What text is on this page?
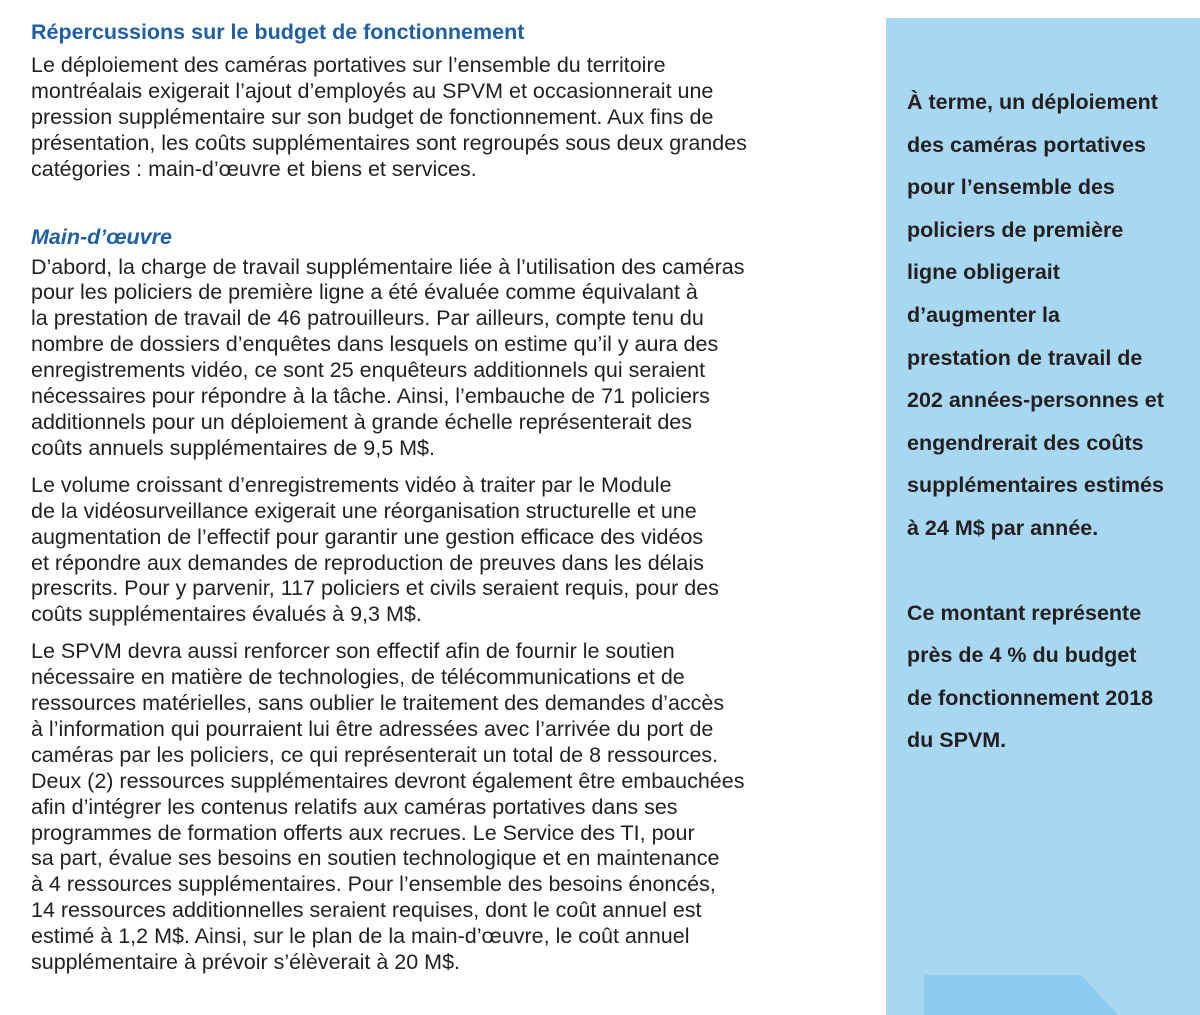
Répercussions sur le budget de fonctionnement

Le déploiement des caméras portatives sur l’ensemble du territoire
montréalais exigerait l’ajout d’employés au SPVM et occasionnerait une
pression supplémentaire sur son budget de fonctionnement. Aux fins de
présentation, les coûts supplémentaires sont regroupés sous deux grandes
catégories : main-d’œuvre et biens et services.

Main-d’œuvre

D’abord, la charge de travail supplémentaire liée à l’utilisation des caméras
pour les policiers de première ligne a été évaluée comme équivalant à
la prestation de travail de 46 patrouilleurs. Par ailleurs, compte tenu du
nombre de dossiers d’enquêtes dans lesquels on estime qu’il y aura des
enregistrements vidéo, ce sont 25 enquêteurs additionnels qui seraient
nécessaires pour répondre à la tâche. Ainsi, l’embauche de 71 policiers
additionnels pour un déploiement à grande échelle représenterait des
coûts annuels supplémentaires de 9,5 M$.

Le volume croissant d’enregistrements vidéo à traiter par le Module
de la vidéosurveillance exigerait une réorganisation structurelle et une
augmentation de l’effectif pour garantir une gestion efficace des vidéos
et répondre aux demandes de reproduction de preuves dans les délais
prescrits. Pour y parvenir, 117 policiers et civils seraient requis, pour des
coûts supplémentaires évalués à 9,3 M$.

Le SPVM devra aussi renforcer son effectif afin de fournir le soutien
nécessaire en matière de technologies, de télécommunications et de
ressources matérielles, sans oublier le traitement des demandes d’accès
à l’information qui pourraient lui être adressées avec l’arrivée du port de
caméras par les policiers, ce qui représenterait un total de 8 ressources.
Deux (2) ressources supplémentaires devront également être embauchées
afin d’intégrer les contenus relatifs aux caméras portatives dans ses
programmes de formation offerts aux recrues. Le Service des TI, pour
sa part, évalue ses besoins en soutien technologique et en maintenance
à 4 ressources supplémentaires. Pour l’ensemble des besoins énoncés,
14 ressources additionnelles seraient requises, dont le coût annuel est
estimé à 1,2 M$. Ainsi, sur le plan de la main-d’œuvre, le coût annuel
supplémentaire à prévoir s’élèverait à 20 M$.

À terme, un déploiement
des caméras portatives
pour l’ensemble des
policiers de première
ligne obligerait
d’augmenter la
prestation de travail de
202 années-personnes et
engendrerait des coûts
supplémentaires estimés
à 24 M$ par année.
Ce montant représente
près de 4 % du budget
de fonctionnement 2018
du SPVM.
